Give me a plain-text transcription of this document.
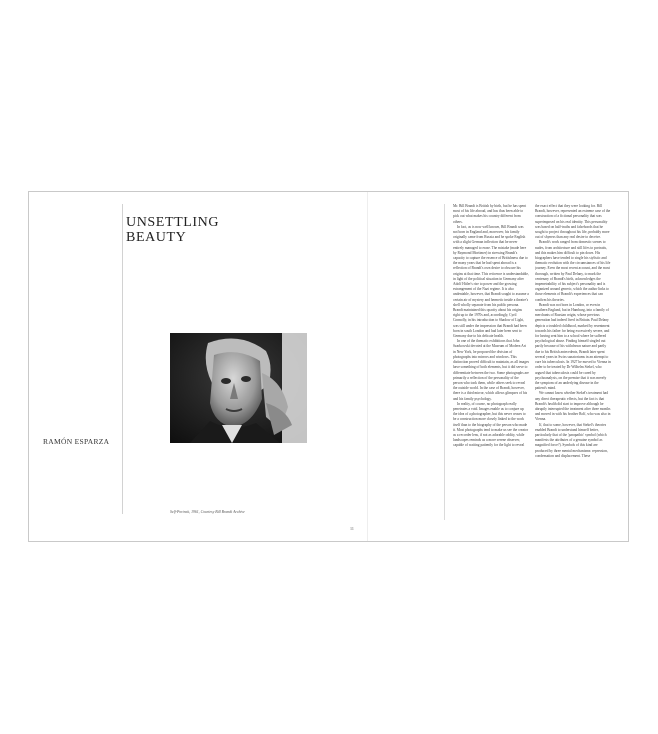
RAMÓN ESPARZA
UNSETTLING
BEAUTY
Self-Portrait, 1961, Courtesy Bill Brandt Archive
11

Mr. Bill Brandt is British by birth, but he has spent most of his life abroad, and has thus been able to pick out what makes his country different from others.

In fact, as is now well known, Bill Brandt was not born in England and, moreover, his family originally came from Russia and he spoke English with a slight German inflection that he never entirely managed to erase. The mistake (made here by Raymond Mortimer) in stressing Brandt's capacity to capture the essence of Britishness due to the many years that he had spent abroad is a reflection of Brandt's own desire to obscure his origins at that time. This reticence is understandable, in light of the political situation in Germany after Adolf Hitler's rise to power and the growing estrangement of the Nazi regime. It is also undeniable, however, that Brandt sought to assume a certain air of mystery and hermetic inside a theatre's shell wholly separate from his public persona. Brandt maintained this opacity about his origins right up to the 1970s and, accordingly, Cyril Connolly, in his introduction to Shadow of Light, was still under the impression that Brandt had been born in south London and had later been sent to Germany due to his delicate health.

In one of the thematic exhibitions that John Szarkowski devoted at the Museum of Modern Art in New York, he proposed the division of photographs into mirrors and windows. This distinction proved difficult to maintain, as all images have something of both elements, but it did serve to differentiate between the two. Some photographs are primarily a reflection of the personality of the person who took them, while others seek to reveal the outside world. In the case of Brandt, however, there is a third mirror, which allows glimpses of his and his family psychology.

In reality, of course, no photograph really penetrates a void. Images enable us to conjure up the idea of a photographer, but this never ceases to be a construction more closely linked to the work itself than to the biography of the person who made it. Most photographs tend to make us see the creator as a recorder lens, if not as adorable oddity, while landscapes reminds us a more serene observer, capable of waiting patiently for the light to reveal

the exact effect that they were looking for. Bill Brandt, however, represented an extreme case of the construction of a fictional personality that was superimposed on his real identity. This personality was based on half-truths and falsehoods that he sought to project throughout his life, probably more out of shyness than any real desire to deceive.

Brandt's work ranged from domestic scenes to nudes, from architecture and still lifes to portraits, and this makes him difficult to pin down. His biographers have tended to single his stylistic and thematic evolution with the circumstances of his life journey. Even the most recent account, and the most thorough, written by Paul Delany, to mark the centenary of Brandt's birth, acknowledges the impenetrability of his subject's personality and is organized around generic, which the author links to those elements of Brandt's experiences that can confirm his theories.

Brandt was not born in London, or even in southern England, but in Hamburg, into a family of merchants of Russian origin, whose previous generation had indeed lived in Britain. Paul Delany depicts a troubled childhood, marked by resentment towards his father for being excessively severe, and for having sent him to a school where he suffered psychological abuse. Finding himself singled out partly because of his withdrawn nature and partly due to his British antecedents, Brandt later spent several years in Swiss sanatoriums in an attempt to cure his tuberculosis. In 1927 he moved to Vienna in order to be treated by Dr Wilhelm Stekel, who argued that tuberculosis could be cured by psychoanalysis, on the premise that it was merely the symptom of an underlying disease in the patient's mind.

We cannot know whether Stekel's treatment had any direct therapeutic effects, but the fact is that Brandt's health did start to improve although he abruptly interrupted the treatment after three months and moved in with his brother Rolf, who was also in Vienna.

If, that to some, however, that Stekel's theories enabled Brandt to understand himself better, particularly that of the 'parapathic' symbol (which manifests the attributes of a genuine symbol as magnified force?). Symbols of this kind are produced by three mental mechanisms: repression, condensation and displacement. These
